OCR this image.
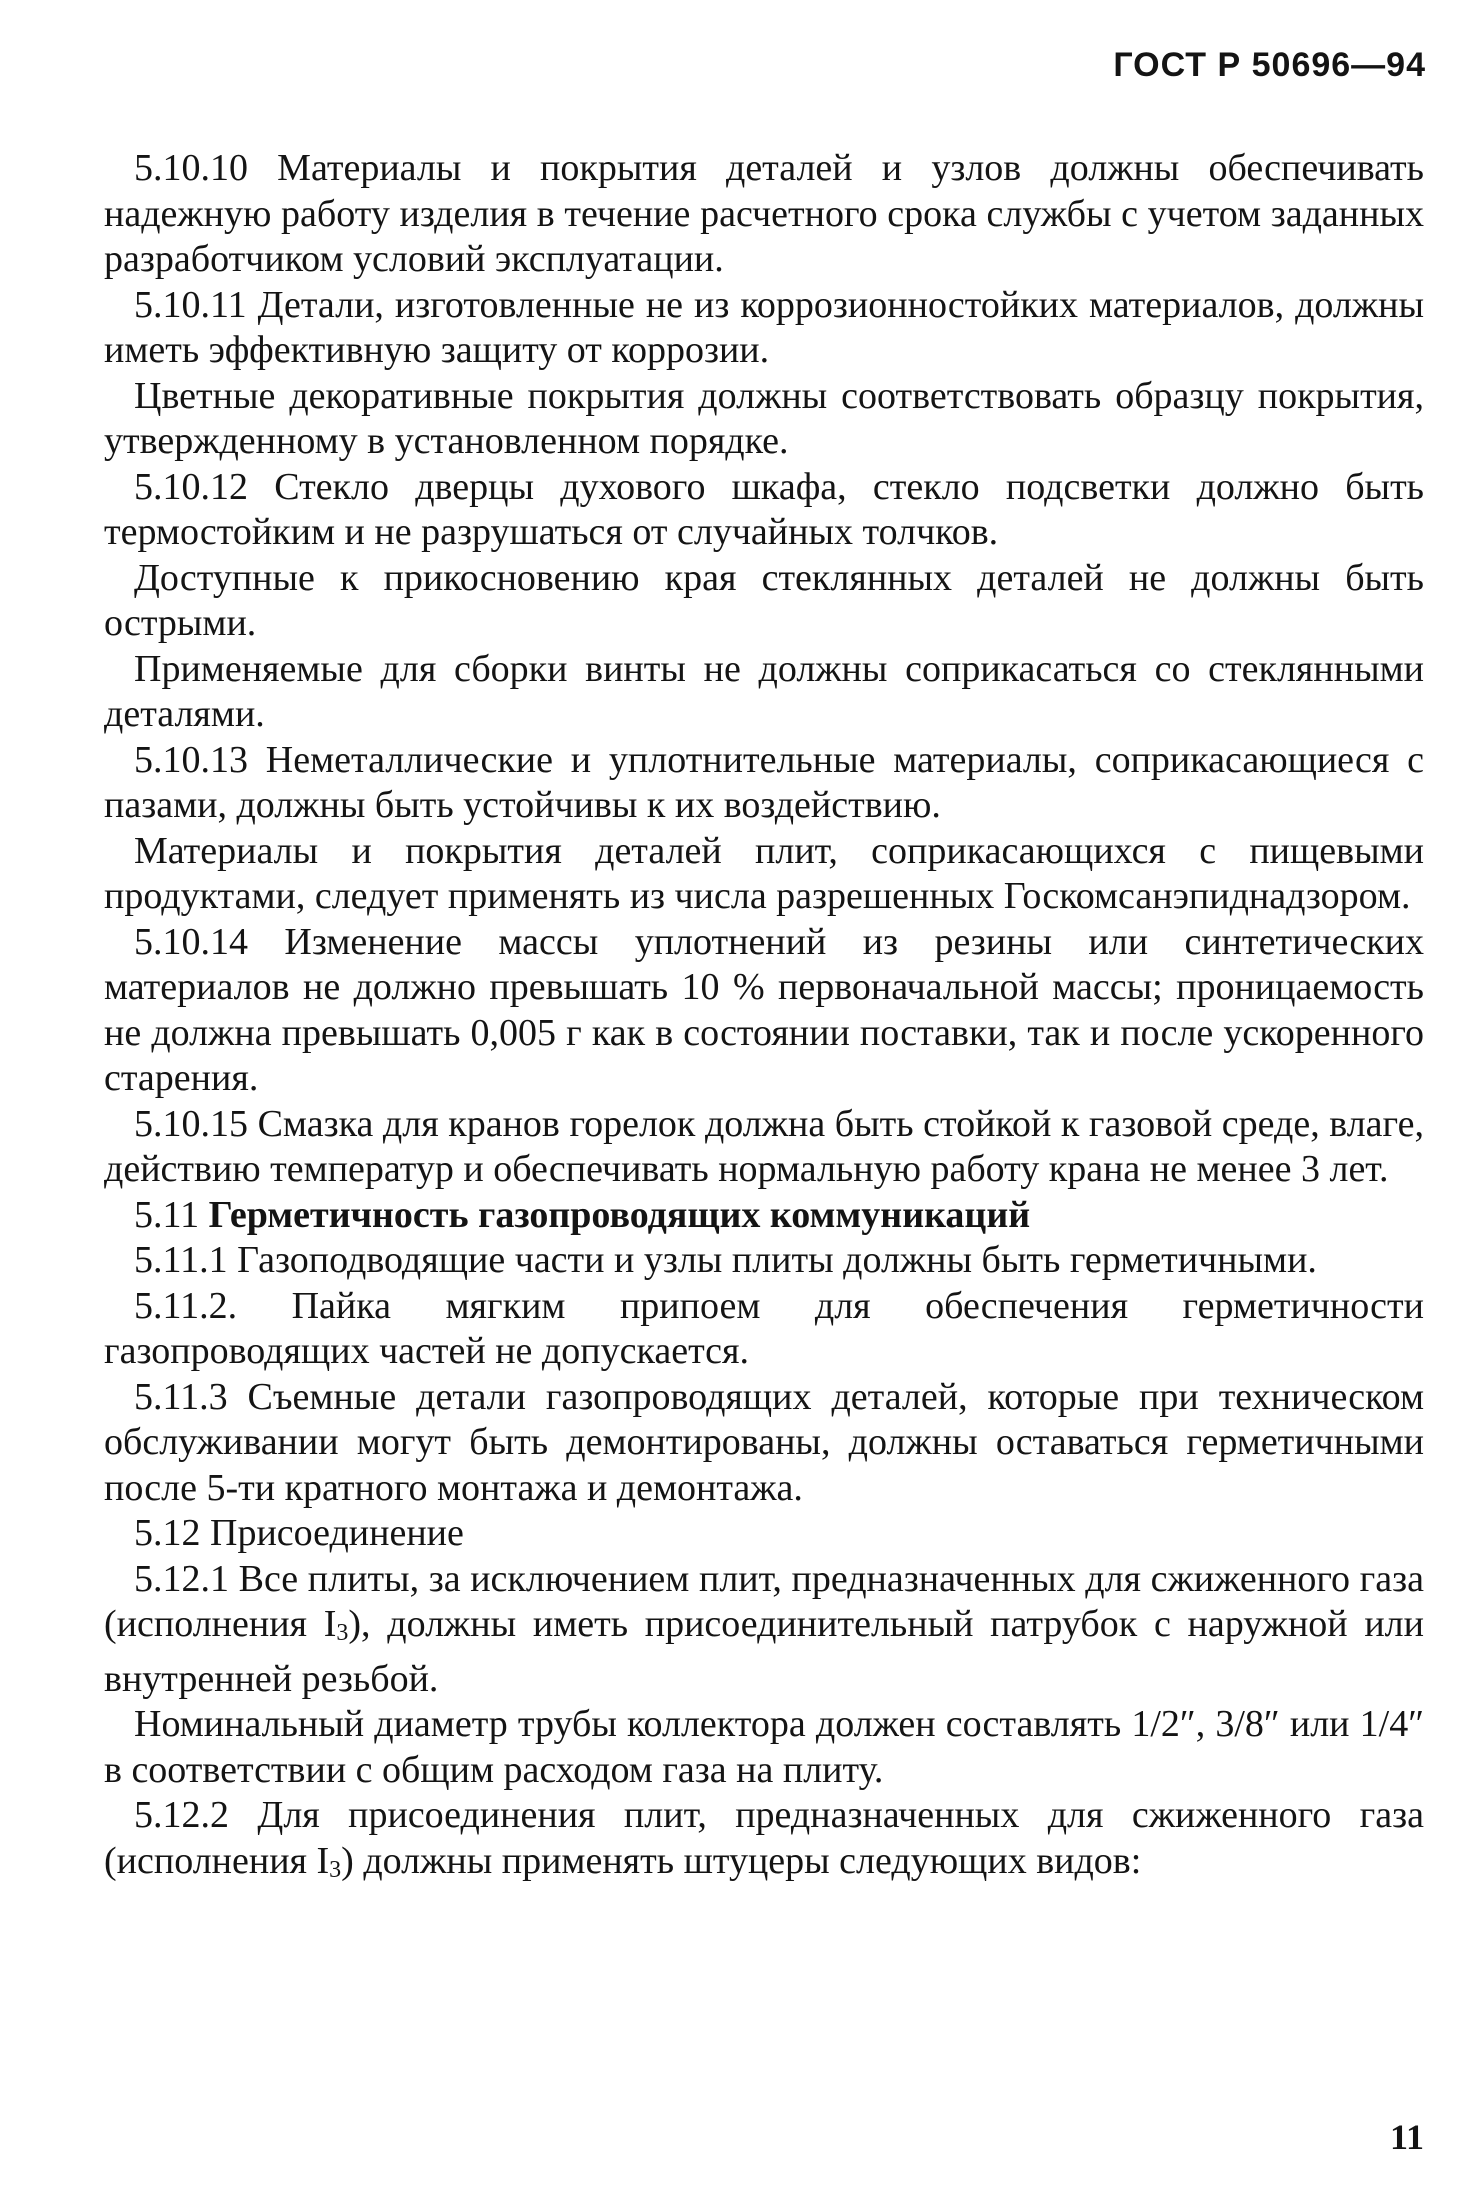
ГОСТ Р 50696—94

5.10.10 Материалы и покрытия деталей и узлов должны обеспечивать надежную работу изделия в течение расчетного срока службы с учетом заданных разработчиком условий эксплуатации.

5.10.11 Детали, изготовленные не из коррозионностойких материалов, должны иметь эффективную защиту от коррозии.

Цветные декоративные покрытия должны соответствовать образцу покрытия, утвержденному в установленном порядке.

5.10.12 Стекло дверцы духового шкафа, стекло подсветки должно быть термостойким и не разрушаться от случайных толчков.

Доступные к прикосновению края стеклянных деталей не должны быть острыми.

Применяемые для сборки винты не должны соприкасаться со стеклянными деталями.

5.10.13 Неметаллические и уплотнительные материалы, соприкасающиеся с пазами, должны быть устойчивы к их воздействию.

Материалы и покрытия деталей плит, соприкасающихся с пищевыми продуктами, следует применять из числа разрешенных Госкомсанэпиднадзором.

5.10.14 Изменение массы уплотнений из резины или синтетических материалов не должно превышать 10 % первоначальной массы; проницаемость не должна превышать 0,005 г как в состоянии поставки, так и после ускоренного старения.

5.10.15 Смазка для кранов горелок должна быть стойкой к газовой среде, влаге, действию температур и обеспечивать нормальную работу крана не менее 3 лет.

5.11 Герметичность газопроводящих коммуникаций

5.11.1 Газоподводящие части и узлы плиты должны быть герметичными.

5.11.2. Пайка мягким припоем для обеспечения герметичности газопроводящих частей не допускается.

5.11.3 Съемные детали газопроводящих деталей, которые при техническом обслуживании могут быть демонтированы, должны оставаться герметичными после 5-ти кратного монтажа и демонтажа.

5.12 Присоединение

5.12.1 Все плиты, за исключением плит, предназначенных для сжиженного газа (исполнения I3), должны иметь присоединительный патрубок с наружной или внутренней резьбой.

Номинальный диаметр трубы коллектора должен составлять 1/2″, 3/8″ или 1/4″ в соответствии с общим расходом газа на плиту.

5.12.2 Для присоединения плит, предназначенных для сжиженного газа (исполнения I3) должны применять штуцеры следующих видов:

11
